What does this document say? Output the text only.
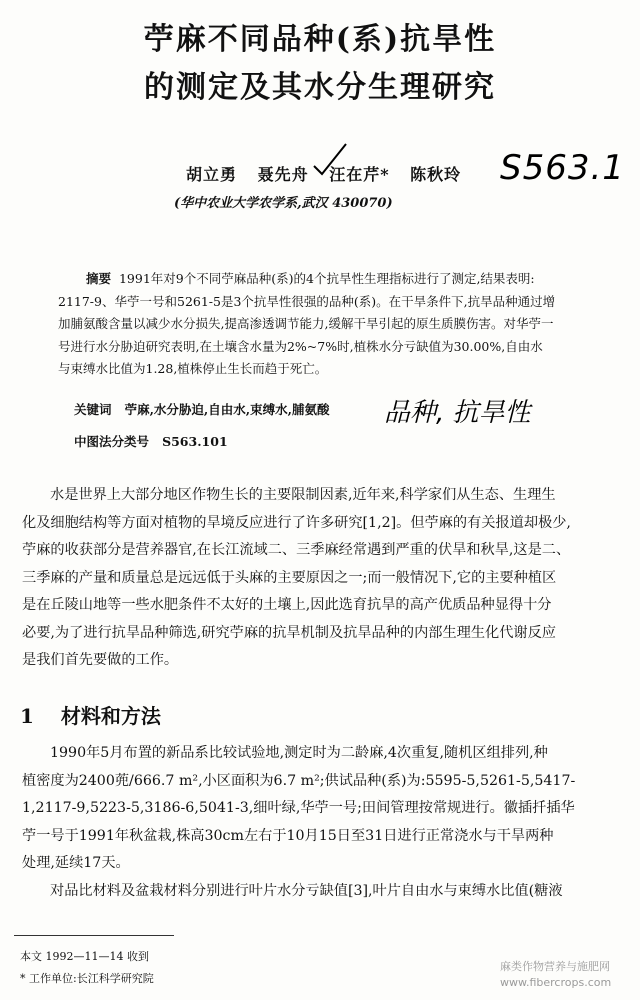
苧麻不同品种(系)抗旱性
的测定及其水分生理研究
胡立勇 聂先舟 汪在芹* 陈秋玲
(华中农业大学农学系,武汉 430070)
S563.1
摘要 1991年对9个不同苧麻品种(系)的4个抗旱性生理指标进行了测定,结果表明:
2117-9、华苧一号和5261-5是3个抗旱性很强的品种(系)。在干旱条件下,抗旱品种通过增
加脯氨酸含量以减少水分损失,提高渗透调节能力,缓解干旱引起的原生质膜伤害。对华苧一
号进行水分胁迫研究表明,在土壤含水量为2%~7%时,植株水分亏缺值为30.00%,自由水
与束缚水比值为1.28,植株停止生长而趋于死亡。
关键词 苧麻,水分胁迫,自由水,束缚水,脯氨酸 品种, 抗旱性
中图法分类号 S563.101
水是世界上大部分地区作物生长的主要限制因素,近年来,科学家们从生态、生理生
化及细胞结构等方面对植物的旱境反应进行了许多研究[1,2]。但苧麻的有关报道却极少,
苧麻的收获部分是营养器官,在长江流域二、三季麻经常遇到严重的伏旱和秋旱,这是二、
三季麻的产量和质量总是远远低于头麻的主要原因之一;而一般情况下,它的主要种植区
是在丘陵山地等一些水肥条件不太好的土壤上,因此选育抗旱的高产优质品种显得十分
必要,为了进行抗旱品种筛选,研究苧麻的抗旱机制及抗旱品种的内部生理生化代谢反应
是我们首先要做的工作。
1 材料和方法
1990年5月布置的新品系比较试验地,测定时为二龄麻,4次重复,随机区组排列,种
植密度为2400蔸/666.7 m²,小区面积为6.7 m²;供试品种(系)为:5595-5,5261-5,5417-
1,2117-9,5223-5,3186-6,5041-3,细叶绿,华苧一号;田间管理按常规进行。徽插扦插华
苧一号于1991年秋盆栽,株高30cm左右于10月15日至31日进行正常浇水与干旱两种
处理,延续17天。
对品比材料及盆栽材料分别进行叶片水分亏缺值[3],叶片自由水与束缚水比值(糖液
本文 1992—11—14 收到
* 工作单位:长江科学研究院
麻类作物营养与施肥网
www.fibercrops.com
